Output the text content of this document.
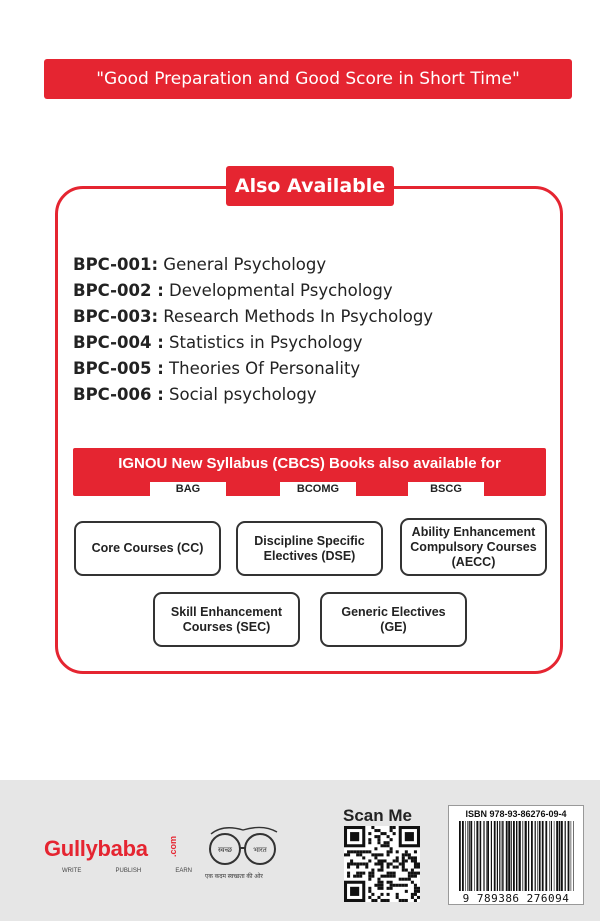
"Good Preparation and Good Score in Short Time"
Also Available
BPC-001: General Psychology
BPC-002 : Developmental Psychology
BPC-003: Research Methods In Psychology
BPC-004 : Statistics in Psychology
BPC-005 : Theories Of Personality
BPC-006 : Social psychology
IGNOU New Syllabus (CBCS) Books also available for
BAG	BCOMG	BSCG
Core Courses (CC)
Discipline Specific Electives (DSE)
Ability Enhancement Compulsory Courses (AECC)
Skill Enhancement Courses (SEC)
Generic Electives (GE)
Gullybaba .com
WRITE	PUBLISH	EARN
स्वच्छ	भारत
एक कदम स्वच्छता की ओर
Scan Me	ISBN 978-93-86276-09-4
9 789386 276094
